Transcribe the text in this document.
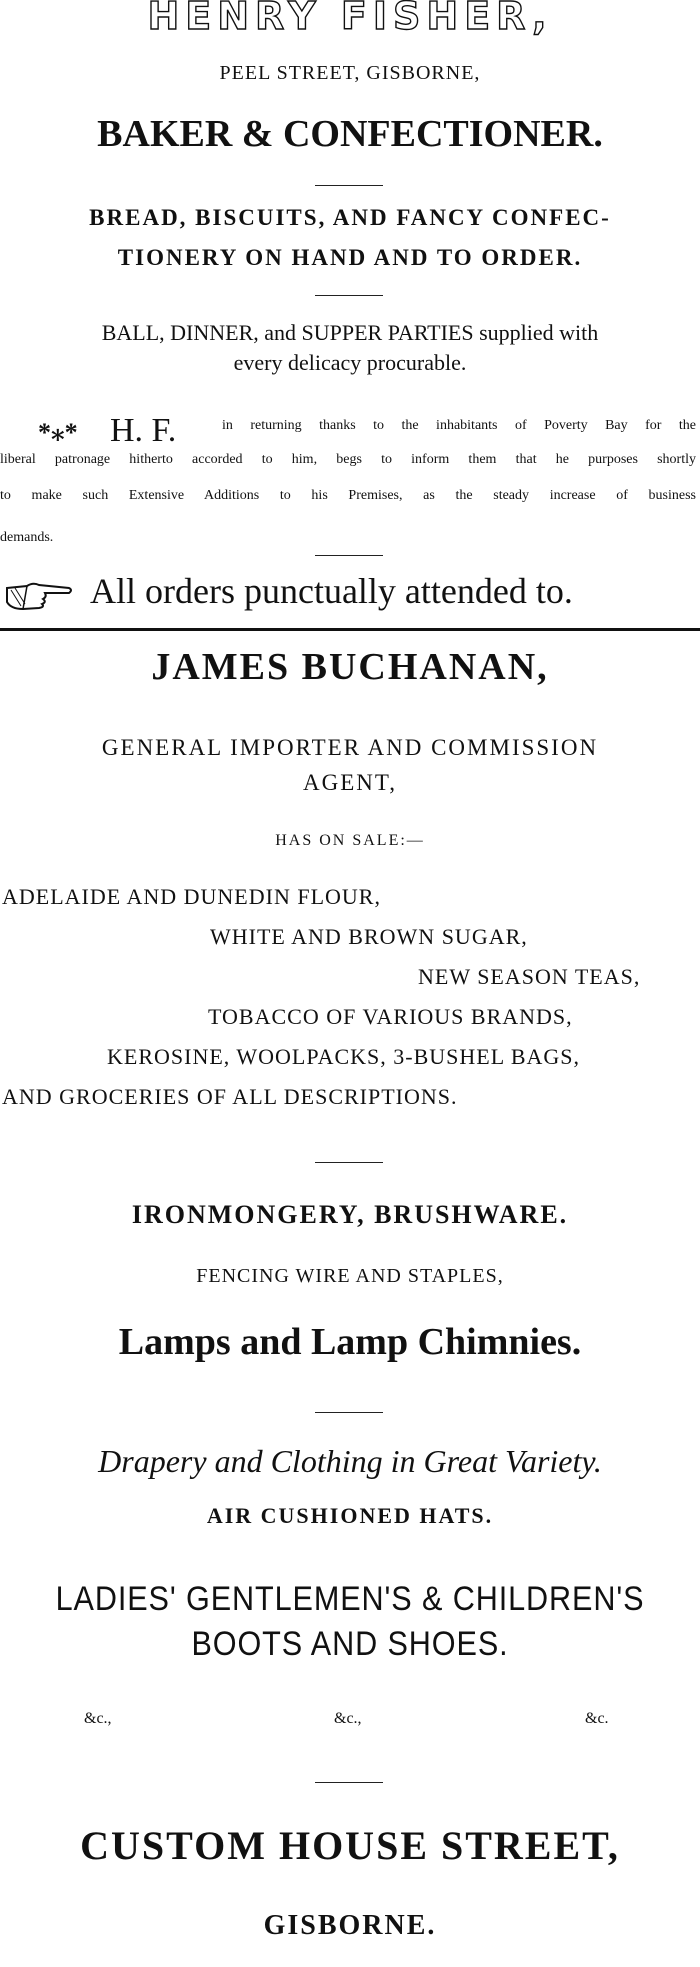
HENRY FISHER,
PEEL STREET, GISBORNE,
BAKER & CONFECTIONER.
BREAD, BISCUITS, AND FANCY CONFEC-
TIONERY ON HAND AND TO ORDER.
BALL, DINNER, and SUPPER PARTIES supplied with
every delicacy procurable.
*⁎* H. F.	in returning thanks to the inhabitants of Poverty Bay for the
liberal patronage hitherto accorded to him, begs to inform them that he purposes shortly
to make such Extensive Additions to his Premises, as the steady increase of business
demands.
All orders punctually attended to.
JAMES BUCHANAN,
GENERAL IMPORTER AND COMMISSION
AGENT,
HAS ON SALE:—
ADELAIDE AND DUNEDIN FLOUR,
WHITE AND BROWN SUGAR,
NEW SEASON TEAS,
TOBACCO OF VARIOUS BRANDS,
KEROSINE, WOOLPACKS, 3-BUSHEL BAGS,
AND GROCERIES OF ALL DESCRIPTIONS.
IRONMONGERY, BRUSHWARE.
FENCING WIRE AND STAPLES,
Lamps and Lamp Chimnies.
Drapery and Clothing in Great Variety.
AIR CUSHIONED HATS.
LADIES' GENTLEMEN'S & CHILDREN'S
BOOTS AND SHOES.
&c.,	&c.,	&c.
CUSTOM HOUSE STREET,
GISBORNE.
